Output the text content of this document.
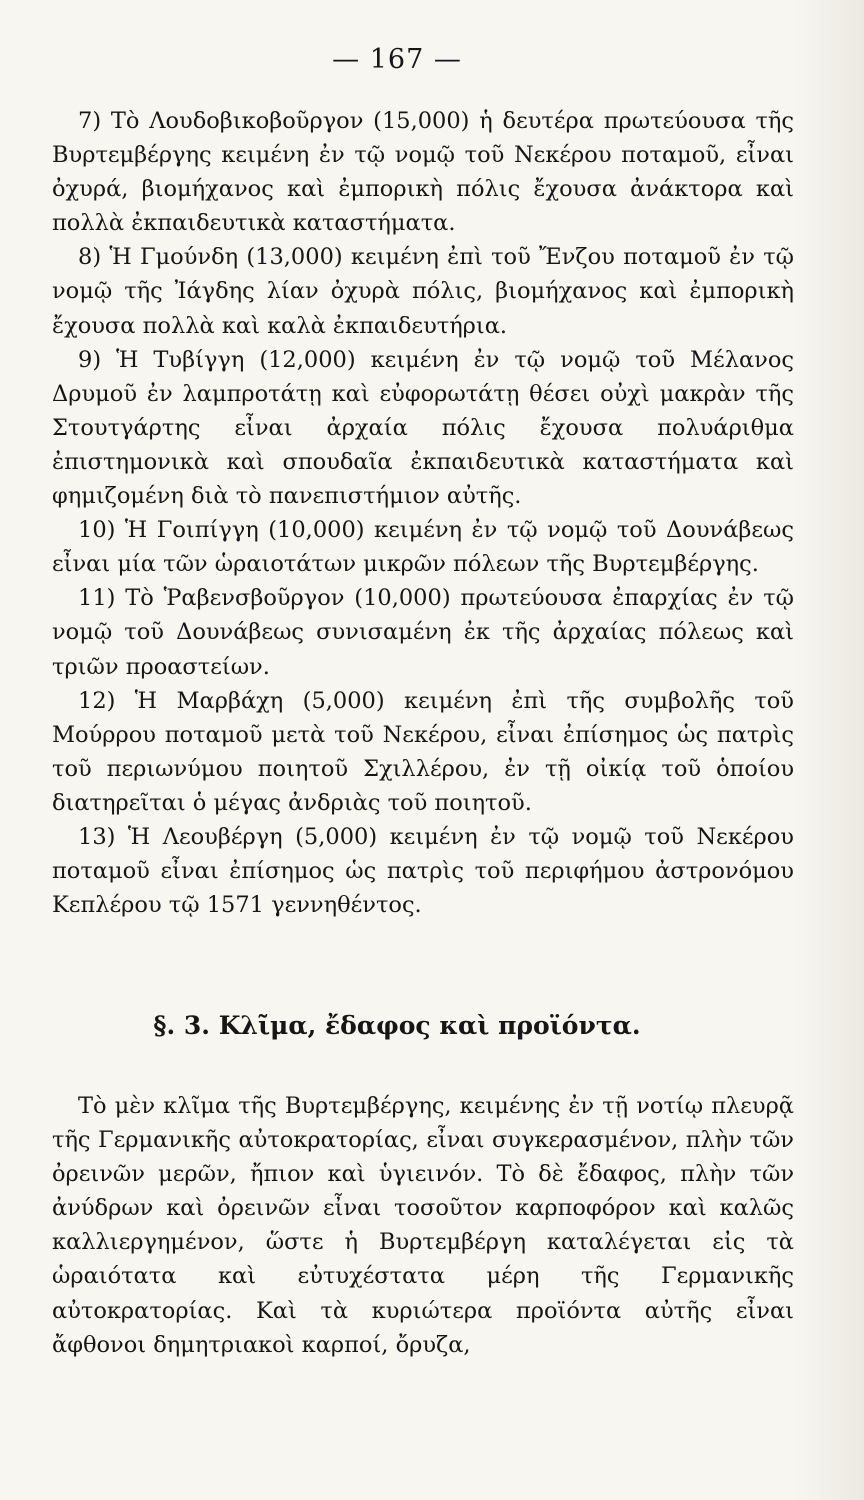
— 167 —

7) Τὸ Λουδοβικοβοῦργον (15,000) ἡ δευτέρα πρωτεύουσα τῆς Βυρτεμβέργης κειμένη ἐν τῷ νομῷ τοῦ Νεκέρου ποταμοῦ, εἶναι ὀχυρά, βιομήχανος καὶ ἐμπορικὴ πόλις ἔχουσα ἀνάκτορα καὶ πολλὰ ἐκπαιδευτικὰ καταστήματα.

8) Ἡ Γμούνδη (13,000) κειμένη ἐπὶ τοῦ Ἔνζου ποταμοῦ ἐν τῷ νομῷ τῆς Ἰάγδης λίαν ὀχυρὰ πόλις, βιομήχανος καὶ ἐμπορικὴ ἔχουσα πολλὰ καὶ καλὰ ἐκπαιδευτήρια.

9) Ἡ Τυβίγγη (12,000) κειμένη ἐν τῷ νομῷ τοῦ Μέλανος Δρυμοῦ ἐν λαμπροτάτῃ καὶ εὐφορωτάτῃ θέσει οὐχὶ μακρὰν τῆς Στουτγάρτης εἶναι ἀρχαία πόλις ἔχουσα πολυάριθμα ἐπιστημονικὰ καὶ σπουδαῖα ἐκπαιδευτικὰ καταστήματα καὶ φημιζομένη διὰ τὸ πανεπιστήμιον αὐτῆς.

10) Ἡ Γοιπίγγη (10,000) κειμένη ἐν τῷ νομῷ τοῦ Δουνάβεως εἶναι μία τῶν ὡραιοτάτων μικρῶν πόλεων τῆς Βυρτεμβέργης.

11) Τὸ Ῥαβενσβοῦργον (10,000) πρωτεύουσα ἐπαρχίας ἐν τῷ νομῷ τοῦ Δουνάβεως συνισαμένη ἐκ τῆς ἀρχαίας πόλεως καὶ τριῶν προαστείων.

12) Ἡ Μαρβάχη (5,000) κειμένη ἐπὶ τῆς συμβολῆς τοῦ Μούρρου ποταμοῦ μετὰ τοῦ Νεκέρου, εἶναι ἐπίσημος ὡς πατρὶς τοῦ περιωνύμου ποιητοῦ Σχιλλέρου, ἐν τῇ οἰκίᾳ τοῦ ὁποίου διατηρεῖται ὁ μέγας ἀνδριὰς τοῦ ποιητοῦ.

13) Ἡ Λεουβέργη (5,000) κειμένη ἐν τῷ νομῷ τοῦ Νεκέρου ποταμοῦ εἶναι ἐπίσημος ὡς πατρὶς τοῦ περιφήμου ἀστρονόμου Κεπλέρου τῷ 1571 γεννηθέντος.

§. 3. Κλῖμα, ἔδαφος καὶ προϊόντα.

Τὸ μὲν κλῖμα τῆς Βυρτεμβέργης, κειμένης ἐν τῇ νοτίῳ πλευρᾷ τῆς Γερμανικῆς αὐτοκρατορίας, εἶναι συγκερασμένον, πλὴν τῶν ὀρεινῶν μερῶν, ἤπιον καὶ ὑγιεινόν. Τὸ δὲ ἔδαφος, πλὴν τῶν ἀνύδρων καὶ ὀρεινῶν εἶναι τοσοῦτον καρποφόρον καὶ καλῶς καλλιεργημένον, ὥστε ἡ Βυρτεμβέργη καταλέγεται εἰς τὰ ὡραιότατα καὶ εὐτυχέστατα μέρη τῆς Γερμανικῆς αὐτοκρατορίας. Καὶ τὰ κυριώτερα προϊόντα αὐτῆς εἶναι ἄφθονοι δημητριακοὶ καρποί, ὄρυζα,
